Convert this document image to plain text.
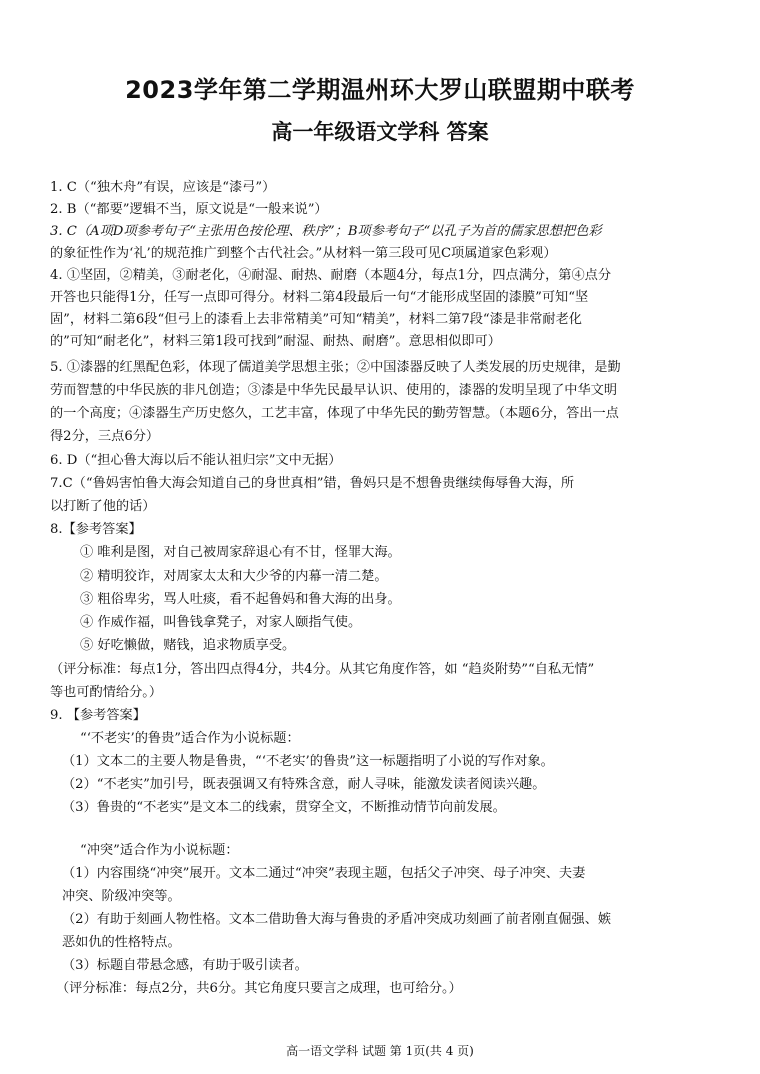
2023学年第二学期温州环大罗山联盟期中联考
高一年级语文学科 答案
1. C（“独木舟”有误，应该是“漆弓”）
2. B（“都要”逻辑不当，原文说是“一般来说”）
3. C（A项D项参考句子“主张用色按伦理、秩序”；B项参考句子“以孔子为首的儒家思想把色彩
的象征性作为‘礼’的规范推广到整个古代社会。”从材料一第三段可见C项属道家色彩观）
4. ①坚固，②精美，③耐老化，④耐湿、耐热、耐磨（本题4分，每点1分，四点满分，第④点分
开答也只能得1分，任写一点即可得分。材料二第4段最后一句“才能形成坚固的漆膜”可知“坚
固”，材料二第6段“但弓上的漆看上去非常精美”可知“精美”，材料二第7段“漆是非常耐老化
的”可知“耐老化”，材料三第1段可找到”耐湿、耐热、耐磨”。意思相似即可）
5. ①漆器的红黑配色彩，体现了儒道美学思想主张；②中国漆器反映了人类发展的历史规律，是勤
劳而智慧的中华民族的非凡创造；③漆是中华先民最早认识、使用的，漆器的发明呈现了中华文明
的一个高度；④漆器生产历史悠久，工艺丰富，体现了中华先民的勤劳智慧。（本题6分，答出一点
得2分，三点6分）
6. D（“担心鲁大海以后不能认祖归宗”文中无据）
7.C（“鲁妈害怕鲁大海会知道自己的身世真相”错，鲁妈只是不想鲁贵继续侮辱鲁大海，所
以打断了他的话）
8.【参考答案】
① 唯利是图，对自己被周家辞退心有不甘，怪罪大海。
② 精明狡诈，对周家太太和大少爷的内幕一清二楚。
③ 粗俗卑劣，骂人吐痰，看不起鲁妈和鲁大海的出身。
④ 作威作福，叫鲁钱拿凳子，对家人颐指气使。
⑤ 好吃懒做，赌钱，追求物质享受。
（评分标准：每点1分，答出四点得4分，共4分。从其它角度作答，如 “趋炎附势”“自私无情”
等也可酌情给分。）
9. 【参考答案】
“‘不老实’的鲁贵”适合作为小说标题：
（1）文本二的主要人物是鲁贵，“‘不老实’的鲁贵”这一标题指明了小说的写作对象。
（2）“不老实”加引号，既表强调又有特殊含意，耐人寻味，能激发读者阅读兴趣。
（3）鲁贵的“不老实”是文本二的线索，贯穿全文，不断推动情节向前发展。
“冲突”适合作为小说标题：
（1）内容围绕“冲突”展开。文本二通过“冲突”表现主题，包括父子冲突、母子冲突、夫妻
冲突、阶级冲突等。
（2）有助于刻画人物性格。文本二借助鲁大海与鲁贵的矛盾冲突成功刻画了前者刚直倔强、嫉
恶如仇的性格特点。
（3）标题自带悬念感，有助于吸引读者。
（评分标准：每点2分，共6分。其它角度只要言之成理，也可给分。）
高一语文学科 试题 第 1页(共 4 页)
